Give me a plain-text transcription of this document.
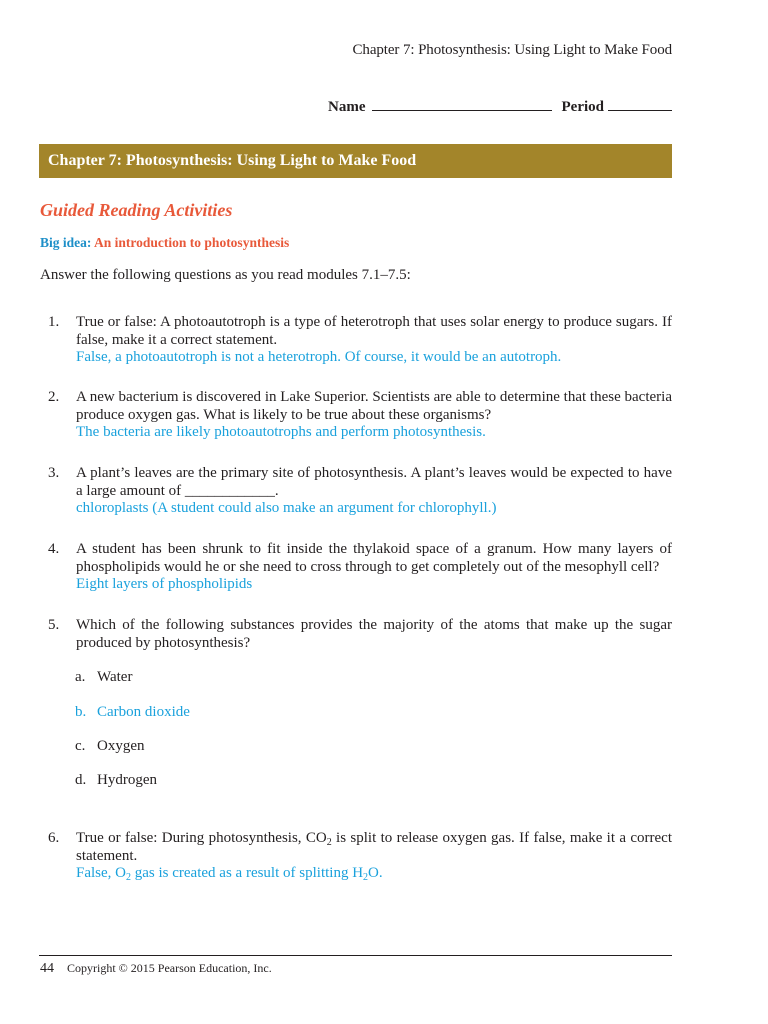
Chapter 7: Photosynthesis: Using Light to Make Food
Name	Period
Chapter 7: Photosynthesis: Using Light to Make Food
Guided Reading Activities
Big idea: An introduction to photosynthesis
Answer the following questions as you read modules 7.1–7.5:
1. True or false: A photoautotroph is a type of heterotroph that uses solar energy to produce sugars. If false, make it a correct statement.
False, a photoautotroph is not a heterotroph. Of course, it would be an autotroph.
2. A new bacterium is discovered in Lake Superior. Scientists are able to determine that these bacteria produce oxygen gas. What is likely to be true about these organisms?
The bacteria are likely photoautotrophs and perform photosynthesis.
3. A plant’s leaves are the primary site of photosynthesis. A plant’s leaves would be expected to have a large amount of ____________.
chloroplasts (A student could also make an argument for chlorophyll.)
4. A student has been shrunk to fit inside the thylakoid space of a granum. How many layers of phospholipids would he or she need to cross through to get completely out of the mesophyll cell?
Eight layers of phospholipids
5. Which of the following substances provides the majority of the atoms that make up the sugar produced by photosynthesis?
a. Water
b. Carbon dioxide
c. Oxygen
d. Hydrogen
6. True or false: During photosynthesis, $CO_2$ is split to release oxygen gas. If false, make it a correct statement.
False, $O_2$ gas is created as a result of splitting $H_2O$.
44 Copyright © 2015 Pearson Education, Inc.
